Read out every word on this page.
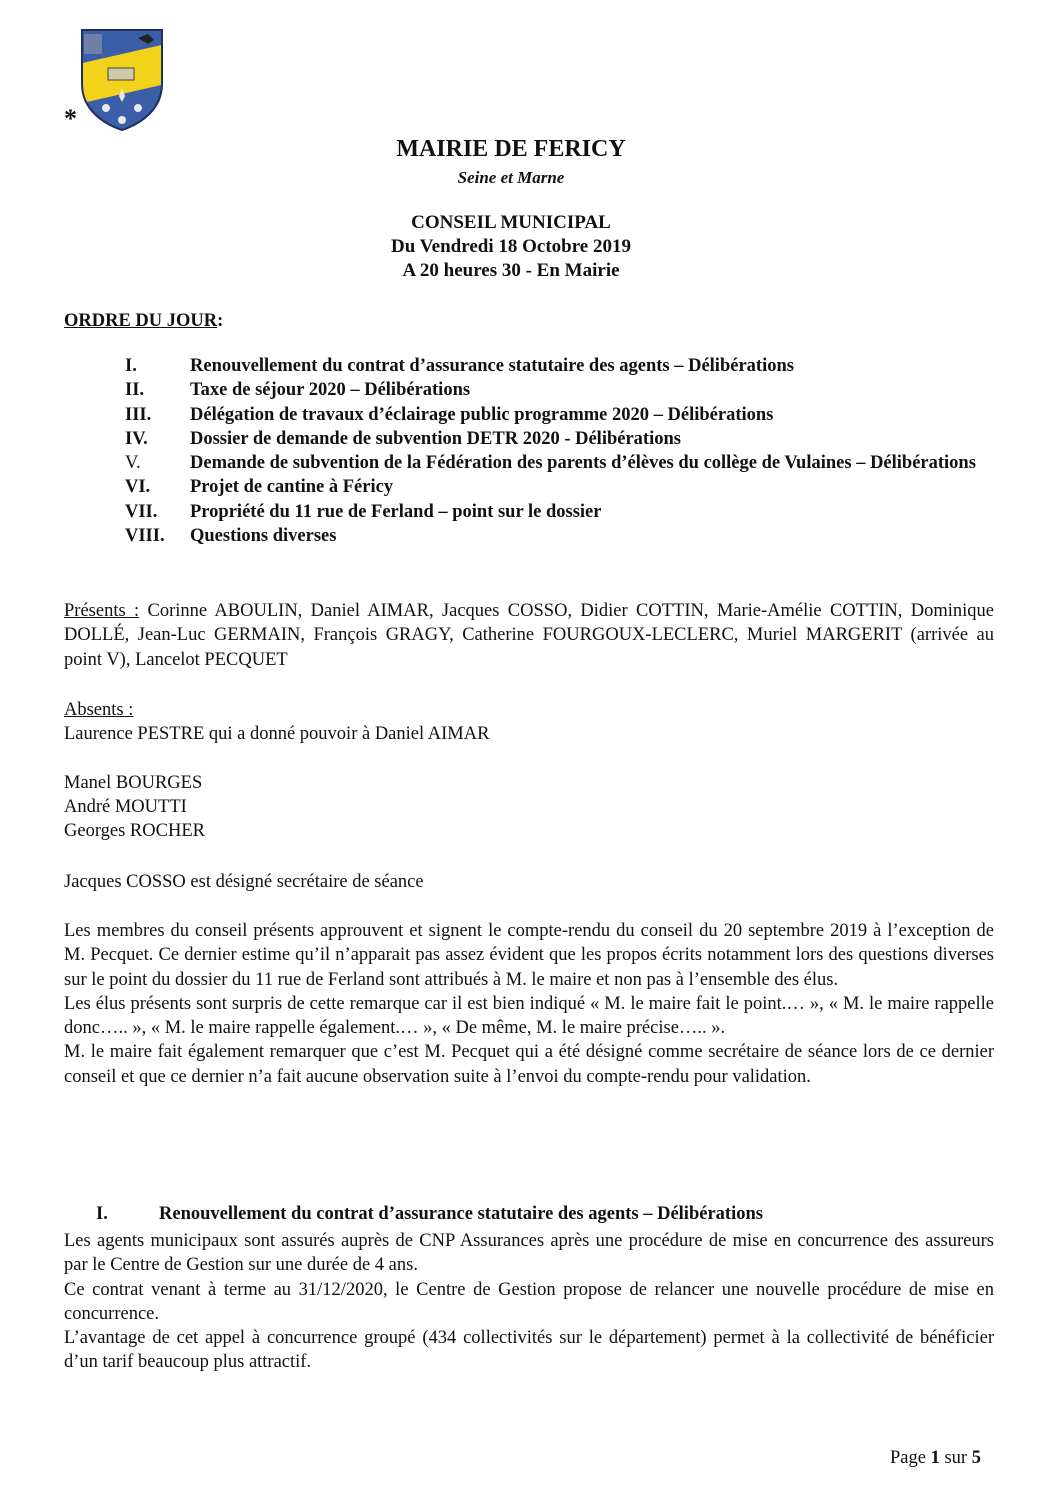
*
MAIRIE DE FERICY
Seine et Marne
CONSEIL MUNICIPAL
Du Vendredi 18 Octobre 2019
A 20 heures 30 - En Mairie
ORDRE DU JOUR:
I.	Renouvellement du contrat d’assurance statutaire des agents – Délibérations
II.	Taxe de séjour 2020 – Délibérations
III.	Délégation de travaux d’éclairage public programme 2020 – Délibérations
IV.	Dossier de demande de subvention DETR 2020 - Délibérations
V.	Demande de subvention de la Fédération des parents d’élèves du collège de Vulaines – Délibérations
VI.	Projet de cantine à Féricy
VII.	Propriété du 11 rue de Ferland – point sur le dossier
VIII.	Questions diverses
Présents : Corinne ABOULIN, Daniel AIMAR, Jacques COSSO, Didier COTTIN, Marie-Amélie COTTIN, Dominique DOLLÉ, Jean-Luc GERMAIN, François GRAGY, Catherine FOURGOUX-LECLERC, Muriel MARGERIT (arrivée au point V), Lancelot PECQUET
Absents :
Laurence PESTRE qui a donné pouvoir à Daniel AIMAR
Manel BOURGES
André MOUTTI
Georges ROCHER
Jacques COSSO est désigné secrétaire de séance

Les membres du conseil présents approuvent et signent le compte-rendu du conseil du 20 septembre 2019 à l’exception de M. Pecquet. Ce dernier estime qu’il n’apparait pas assez évident que les propos écrits notamment lors des questions diverses sur le point du dossier du 11 rue de Ferland sont attribués à M. le maire et non pas à l’ensemble des élus.

Les élus présents sont surpris de cette remarque car il est bien indiqué « M. le maire fait le point.… », « M. le maire rappelle donc….. », « M. le maire rappelle également.… », « De même, M. le maire précise….. ».

M. le maire fait également remarquer que c’est M. Pecquet qui a été désigné comme secrétaire de séance lors de ce dernier conseil et que ce dernier n’a fait aucune observation suite à l’envoi du compte-rendu pour validation.

I.	Renouvellement du contrat d’assurance statutaire des agents – Délibérations

Les agents municipaux sont assurés auprès de CNP Assurances après une procédure de mise en concurrence des assureurs par le Centre de Gestion sur une durée de 4 ans.

Ce contrat venant à terme au 31/12/2020, le Centre de Gestion propose de relancer une nouvelle procédure de mise en concurrence.

L’avantage de cet appel à concurrence groupé (434 collectivités sur le département) permet à la collectivité de bénéficier d’un tarif beaucoup plus attractif.

Page 1 sur 5
